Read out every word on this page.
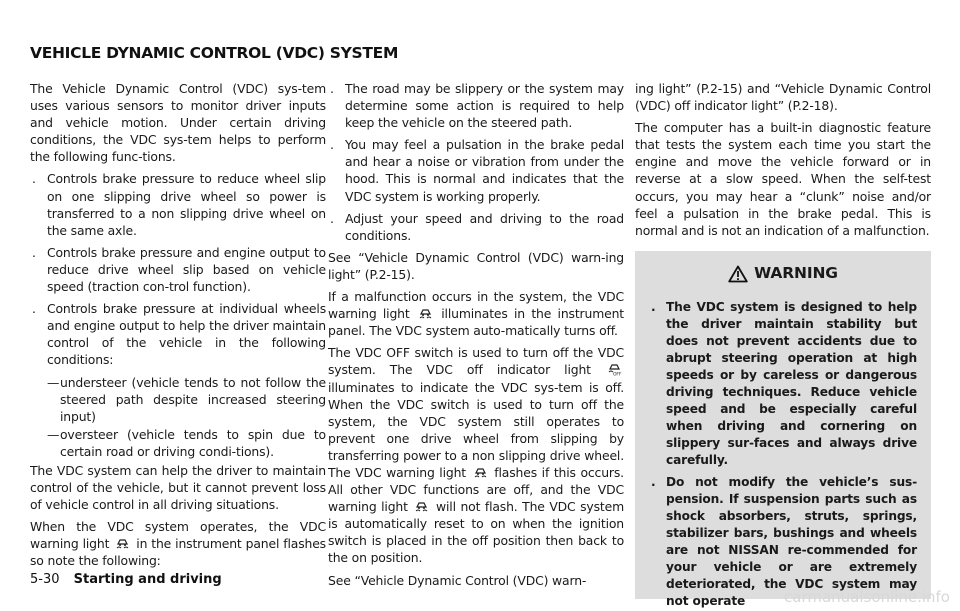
VEHICLE DYNAMIC CONTROL (VDC) SYSTEM

The Vehicle Dynamic Control (VDC) sys-tem uses various sensors to monitor driver inputs and vehicle motion. Under certain driving conditions, the VDC sys-tem helps to perform the following func-tions.

. Controls brake pressure to reduce wheel slip on one slipping drive wheel so power is transferred to a non slipping drive wheel on the same axle.
. Controls brake pressure and engine output to reduce drive wheel slip based on vehicle speed (traction con-trol function).
. Controls brake pressure at individual wheels and engine output to help the driver maintain control of the vehicle in the following conditions:
— understeer (vehicle tends to not follow the steered path despite increased steering input)
— oversteer (vehicle tends to spin due to certain road or driving condi-tions).

The VDC system can help the driver to maintain control of the vehicle, but it cannot prevent loss of vehicle control in all driving situations.

When the VDC system operates, the VDC warning light in the instrument panel flashes so note the following:

. The road may be slippery or the system may determine some action is required to help keep the vehicle on the steered path.
. You may feel a pulsation in the brake pedal and hear a noise or vibration from under the hood. This is normal and indicates that the VDC system is working properly.
. Adjust your speed and driving to the road conditions.

See “Vehicle Dynamic Control (VDC) warn-ing light” (P.2-15).

If a malfunction occurs in the system, the VDC warning light	illuminates in the instrument panel. The VDC system auto-matically turns off.

The VDC OFF switch is used to turn off the VDC system. The VDC off indicator light	OFF
illuminates to indicate the VDC sys-tem is off. When the VDC switch is used to turn off the system, the VDC system still operates to prevent one drive wheel from slipping by transferring power to a non slipping drive wheel. The VDC warning light flashes if this occurs. All other VDC functions are off, and the VDC warning light will not flash. The VDC system is automatically reset to on when the ignition switch is placed in the off position then back to the on position.

See “Vehicle Dynamic Control (VDC) warn-

ing light” (P.2-15) and “Vehicle Dynamic Control (VDC) off indicator light” (P.2-18).

The computer has a built-in diagnostic feature that tests the system each time you start the engine and move the vehicle forward or in reverse at a slow speed. When the self-test occurs, you may hear a “clunk” noise and/or feel a pulsation in the brake pedal. This is normal and is not an indication of a malfunction.

WARNING
. The VDC system is designed to help the driver maintain stability but does not prevent accidents due to abrupt steering operation at high speeds or by careless or dangerous driving techniques. Reduce vehicle speed and be especially careful when driving and cornering on slippery sur-faces and always drive carefully.
. Do not modify the vehicle’s sus-pension. If suspension parts such as shock absorbers, struts, springs, stabilizer bars, bushings and wheels are not NISSAN re-commended for your vehicle or are extremely deteriorated, the VDC system may not operate
5-30 Starting and driving
carmanualsonline.info
